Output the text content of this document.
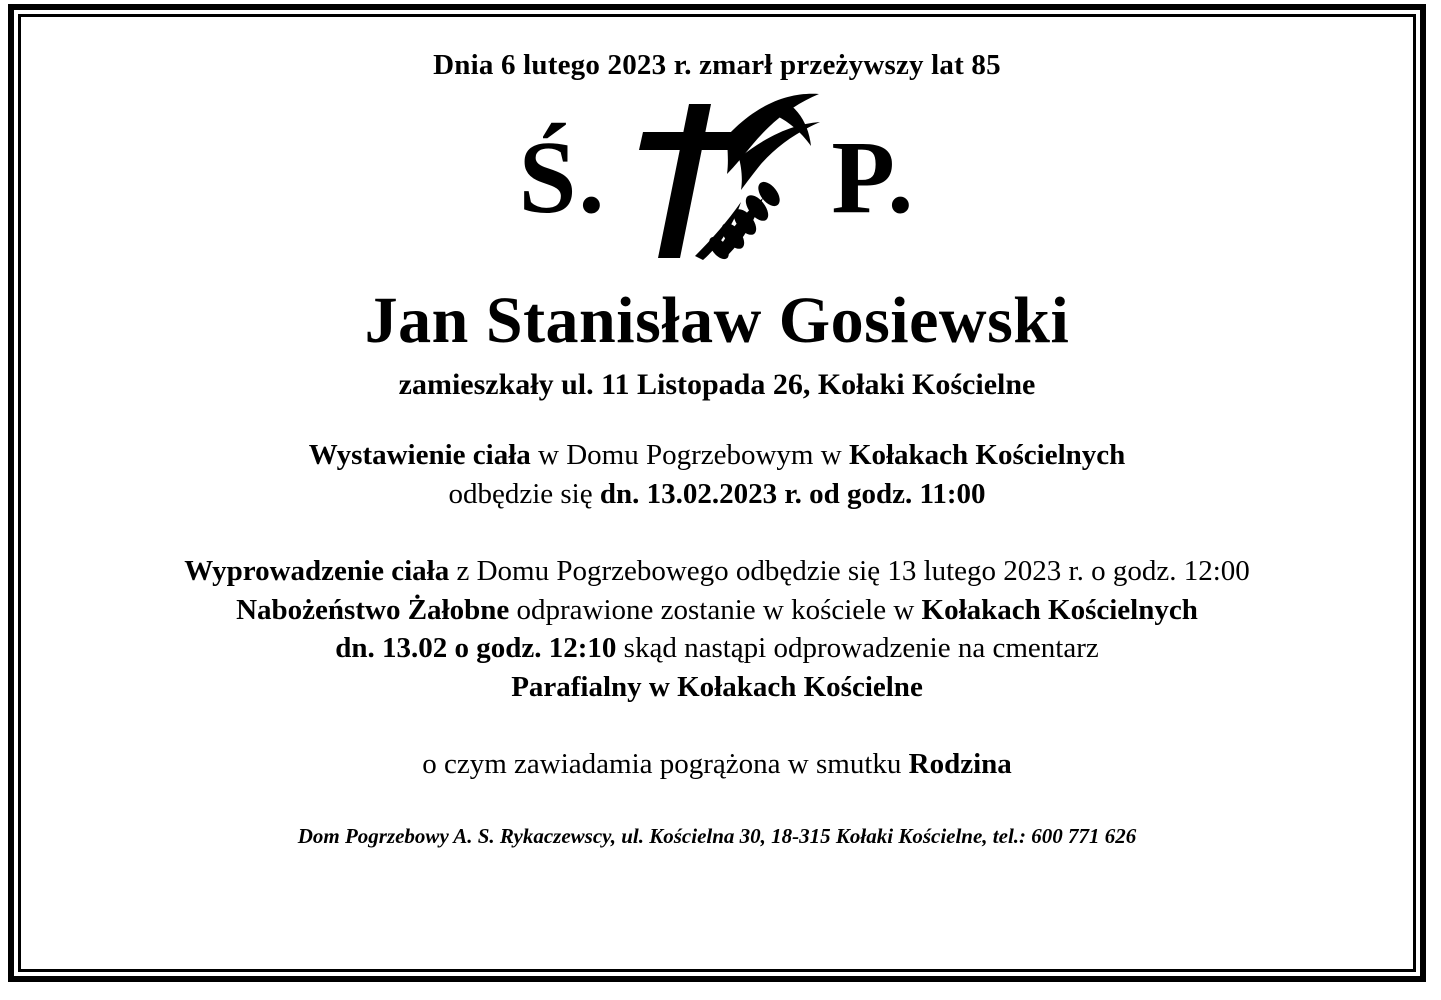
Dnia 6 lutego 2023 r. zmarł przeżywszy lat 85
Ś. P.
Jan Stanisław Gosiewski
zamieszkały ul. 11 Listopada 26, Kołaki Kościelne

Wystawienie ciała w Domu Pogrzebowym w Kołakach Kościelnych

odbędzie się dn. 13.02.2023 r. od godz. 11:00

Wyprowadzenie ciała z Domu Pogrzebowego odbędzie się 13 lutego 2023 r. o godz. 12:00

Nabożeństwo Żałobne odprawione zostanie w kościele w Kołakach Kościelnych

dn. 13.02 o godz. 12:10 skąd nastąpi odprowadzenie na cmentarz

Parafialny w Kołakach Kościelne

o czym zawiadamia pogrążona w smutku Rodzina

Dom Pogrzebowy A. S. Rykaczewscy, ul. Kościelna 30, 18-315 Kołaki Kościelne, tel.: 600 771 626
